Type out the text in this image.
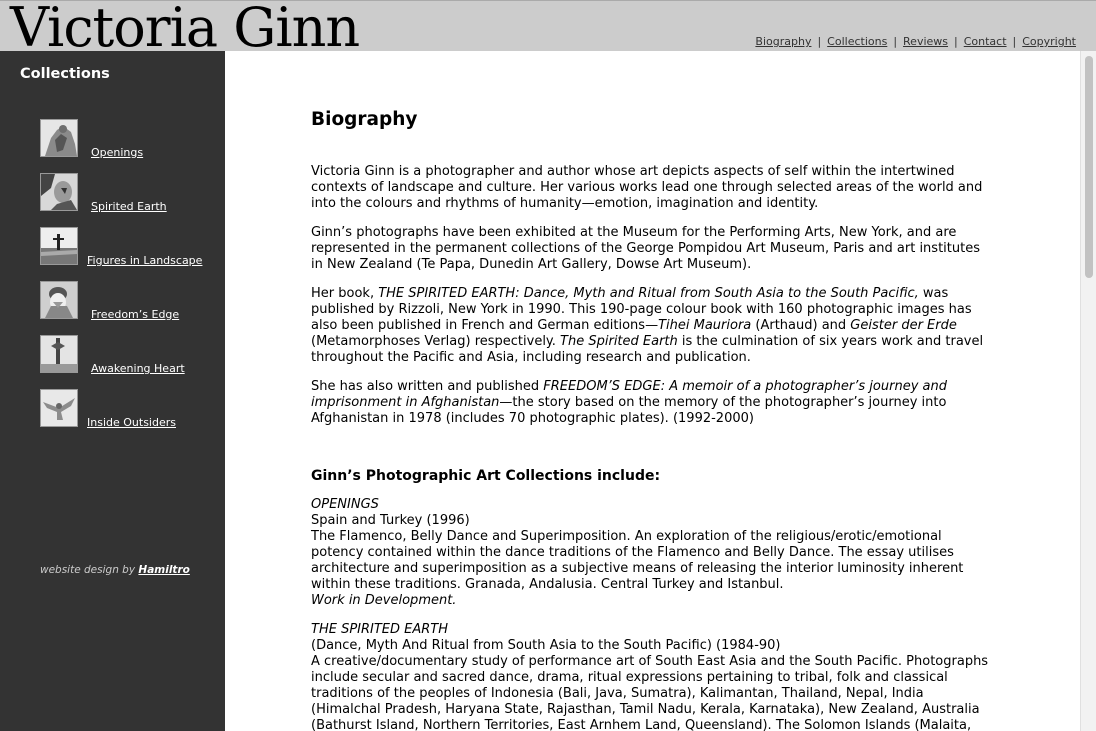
Victoria Ginn	Biography | Collections | Reviews | Contact | Copyright
Collections
Openings
Spirited Earth
Figures in Landscape
Freedom’s Edge
Awakening Heart
Inside Outsiders
website design by Hamiltro
Biography

Victoria Ginn is a photographer and author whose art depicts aspects of self within the intertwined
contexts of landscape and culture. Her various works lead one through selected areas of the world and
into the colours and rhythms of humanity—emotion, imagination and identity.

Ginn’s photographs have been exhibited at the Museum for the Performing Arts, New York, and are
represented in the permanent collections of the George Pompidou Art Museum, Paris and art institutes
in New Zealand (Te Papa, Dunedin Art Gallery, Dowse Art Museum).

Her book, THE SPIRITED EARTH: Dance, Myth and Ritual from South Asia to the South Pacific, was
published by Rizzoli, New York in 1990. This 190-page colour book with 160 photographic images has
also been published in French and German editions—Tihei Mauriora (Arthaud) and Geister der Erde
(Metamorphoses Verlag) respectively. The Spirited Earth is the culmination of six years work and travel
throughout the Pacific and Asia, including research and publication.

She has also written and published FREEDOM’S EDGE: A memoir of a photographer’s journey and
imprisonment in Afghanistan—the story based on the memory of the photographer’s journey into
Afghanistan in 1978 (includes 70 photographic plates). (1992-2000)

Ginn’s Photographic Art Collections include:

OPENINGS
Spain and Turkey (1996)
The Flamenco, Belly Dance and Superimposition. An exploration of the religious/erotic/emotional
potency contained within the dance traditions of the Flamenco and Belly Dance. The essay utilises
architecture and superimposition as a subjective means of releasing the interior luminosity inherent
within these traditions. Granada, Andalusia. Central Turkey and Istanbul.
Work in Development.

THE SPIRITED EARTH
(Dance, Myth And Ritual from South Asia to the South Pacific) (1984-90)
A creative/documentary study of performance art of South East Asia and the South Pacific. Photographs
include secular and sacred dance, drama, ritual expressions pertaining to tribal, folk and classical
traditions of the peoples of Indonesia (Bali, Java, Sumatra), Kalimantan, Thailand, Nepal, India
(Himalchal Pradesh, Haryana State, Rajasthan, Tamil Nadu, Kerala, Karnataka), New Zealand, Australia
(Bathurst Island, Northern Territories, East Arnhem Land, Queensland). The Solomon Islands (Malaita,
